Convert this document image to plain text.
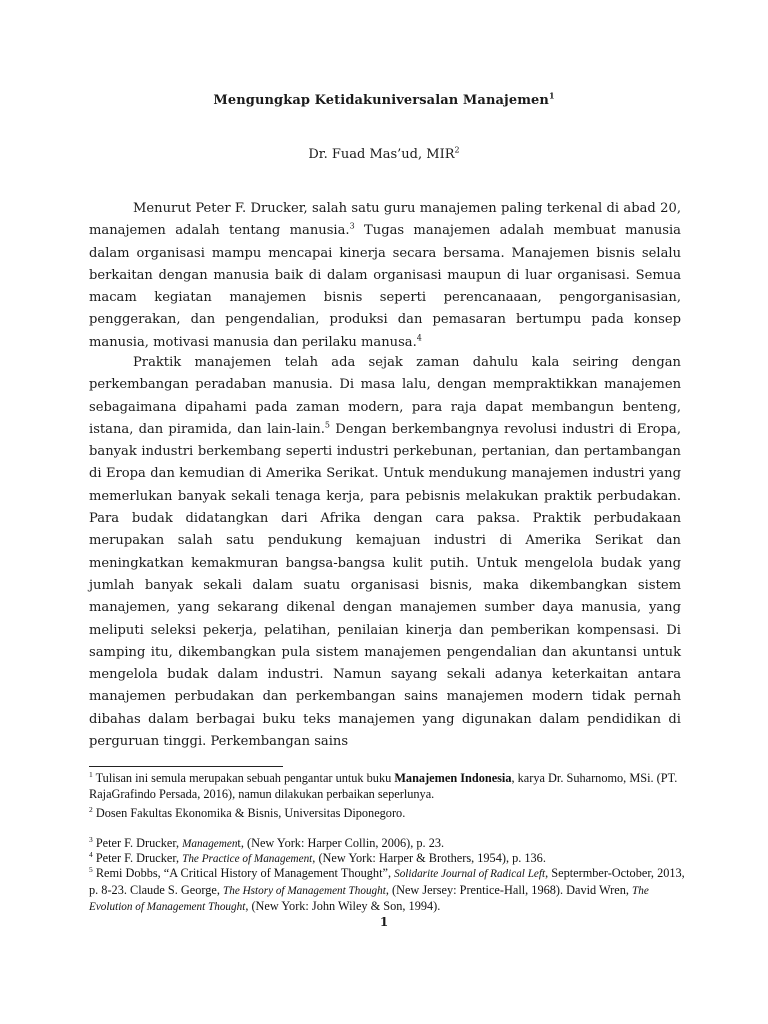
Mengungkap Ketidakuniversalan Manajemen$^1$
Dr. Fuad Mas’ud, MIR$^2$

Menurut Peter F. Drucker, salah satu guru manajemen paling terkenal di abad 20, manajemen adalah tentang manusia.$^3$ Tugas manajemen adalah membuat manusia dalam organisasi mampu mencapai kinerja secara bersama. Manajemen bisnis selalu berkaitan dengan manusia baik di dalam organisasi maupun di luar organisasi. Semua macam kegiatan manajemen bisnis seperti perencanaaan, pengorganisasian, penggerakan, dan pengendalian, produksi dan pemasaran bertumpu pada konsep manusia, motivasi manusia dan perilaku manusa.$^4$

Praktik manajemen telah ada sejak zaman dahulu kala seiring dengan perkembangan peradaban manusia. Di masa lalu, dengan mempraktikkan manajemen sebagaimana dipahami pada zaman modern, para raja dapat membangun benteng, istana, dan piramida, dan lain-lain.$^5$ Dengan berkembangnya revolusi industri di Eropa, banyak industri berkembang seperti industri perkebunan, pertanian, dan pertambangan di Eropa dan kemudian di Amerika Serikat. Untuk mendukung manajemen industri yang memerlukan banyak sekali tenaga kerja, para pebisnis melakukan praktik perbudakan. Para budak didatangkan dari Afrika dengan cara paksa. Praktik perbudakaan merupakan salah satu pendukung kemajuan industri di Amerika Serikat dan meningkatkan kemakmuran bangsa-bangsa kulit putih. Untuk mengelola budak yang jumlah banyak sekali dalam suatu organisasi bisnis, maka dikembangkan sistem manajemen, yang sekarang dikenal dengan manajemen sumber daya manusia, yang meliputi seleksi pekerja, pelatihan, penilaian kinerja dan pemberikan kompensasi. Di samping itu, dikembangkan pula sistem manajemen pengendalian dan akuntansi untuk mengelola budak dalam industri. Namun sayang sekali adanya keterkaitan antara manajemen perbudakan dan perkembangan sains manajemen modern tidak pernah dibahas dalam berbagai buku teks manajemen yang digunakan dalam pendidikan di perguruan tinggi. Perkembangan sains

$^1$ Tulisan ini semula merupakan sebuah pengantar untuk buku Manajemen Indonesia, karya Dr. Suharnomo, MSi. (PT. RajaGrafindo Persada, 2016), namun dilakukan perbaikan seperlunya.

$^2$ Dosen Fakultas Ekonomika & Bisnis, Universitas Diponegoro.

$^3$ Peter F. Drucker, Management, (New York: Harper Collin, 2006), p. 23.

$^4$ Peter F. Drucker, The Practice of Management, (New York: Harper & Brothers, 1954), p. 136.

$^5$ Remi Dobbs, “A Critical History of Management Thought”, Solidarite Journal of Radical Left, Septermber-October, 2013, p. 8-23. Claude S. George, The Hstory of Management Thought, (New Jersey: Prentice-Hall, 1968). David Wren, The Evolution of Management Thought, (New York: John Wiley & Son, 1994).

1
